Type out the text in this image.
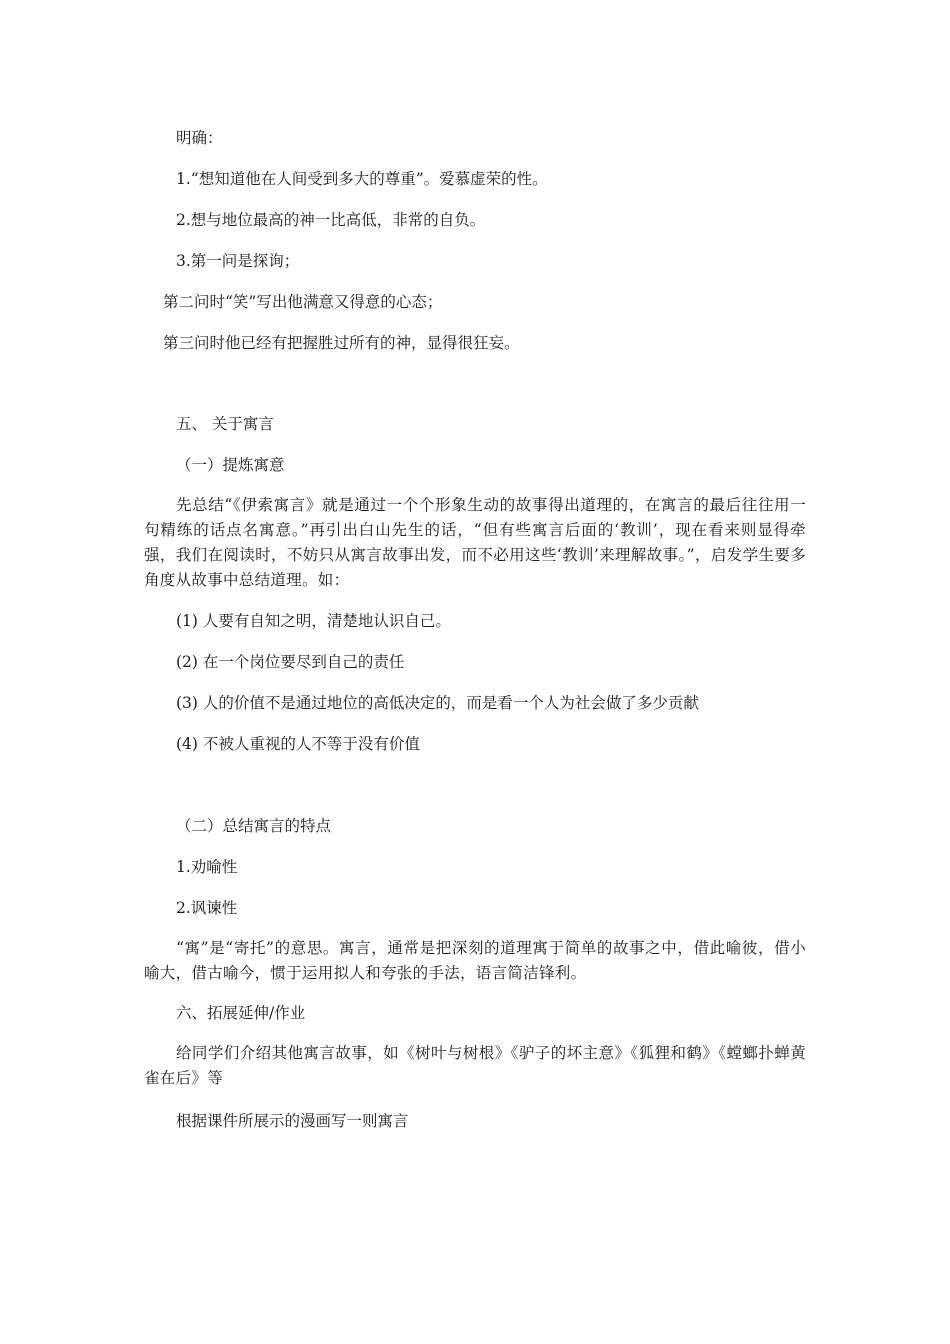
明确：
1.“想知道他在人间受到多大的尊重”。爱慕虚荣的性。
2.想与地位最高的神一比高低，非常的自负。
3.第一问是探询；
第二问时“笑”写出他满意又得意的心态；
第三问时他已经有把握胜过所有的神，显得很狂妄。
五、 关于寓言
（一）提炼寓意
先总结“《伊索寓言》就是通过一个个形象生动的故事得出道理的，在寓言的最后往往用一句精练的话点名寓意。”再引出白山先生的话，“但有些寓言后面的‘教训’，现在看来则显得牵强，我们在阅读时，不妨只从寓言故事出发，而不必用这些‘教训’来理解故事。”，启发学生要多角度从故事中总结道理。如：
(1) 人要有自知之明，清楚地认识自己。
(2) 在一个岗位要尽到自己的责任
(3) 人的价值不是通过地位的高低决定的，而是看一个人为社会做了多少贡献
(4) 不被人重视的人不等于没有价值
（二）总结寓言的特点
1.劝喻性
2.讽谏性
“寓”是“寄托”的意思。寓言，通常是把深刻的道理寓于简单的故事之中，借此喻彼，借小喻大，借古喻今，惯于运用拟人和夸张的手法，语言简洁锋利。
六、拓展延伸/作业
给同学们介绍其他寓言故事，如《树叶与树根》《驴子的坏主意》《狐狸和鹤》《螳螂扑蝉黄雀在后》等
根据课件所展示的漫画写一则寓言
